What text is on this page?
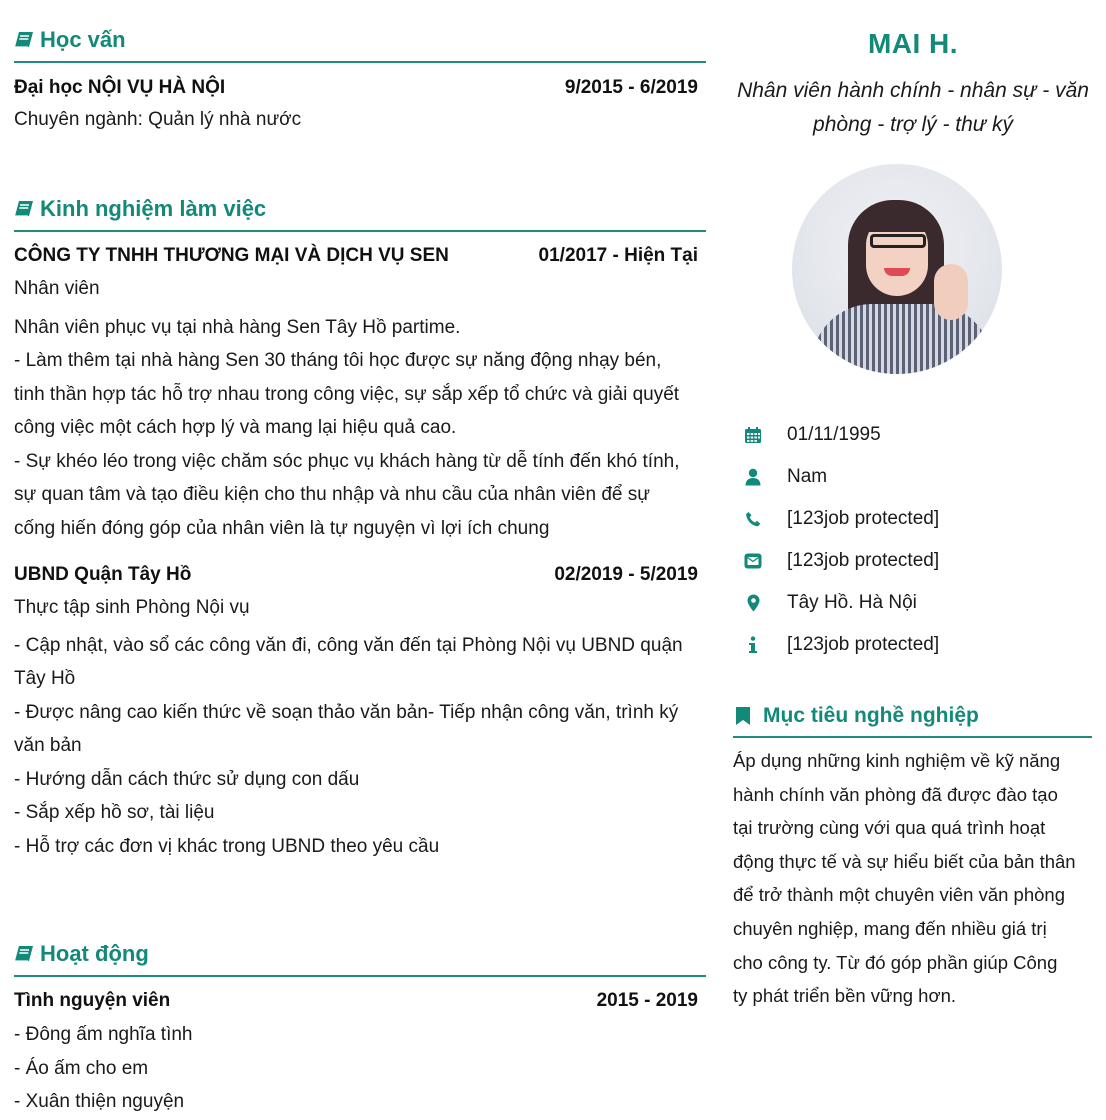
Học vấn
Đại học NỘI VỤ HÀ NỘI	9/2015 - 6/2019
Chuyên ngành: Quản lý nhà nước
Kinh nghiệm làm việc
CÔNG TY TNHH THƯƠNG MẠI VÀ DỊCH VỤ SEN	01/2017 - Hiện Tại
Nhân viên
Nhân viên phục vụ tại nhà hàng Sen Tây Hồ partime.
- Làm thêm tại nhà hàng Sen 30 tháng tôi học được sự năng động nhạy bén,
tinh thần hợp tác hỗ trợ nhau trong công việc, sự sắp xếp tổ chức và giải quyết
công việc một cách hợp lý và mang lại hiệu quả cao.
- Sự khéo léo trong việc chăm sóc phục vụ khách hàng từ dễ tính đến khó tính,
sự quan tâm và tạo điều kiện cho thu nhập và nhu cầu của nhân viên để sự
cống hiến đóng góp của nhân viên là tự nguyện vì lợi ích chung
UBND Quận Tây Hồ	02/2019 - 5/2019
Thực tập sinh Phòng Nội vụ
- Cập nhật, vào sổ các công văn đi, công văn đến tại Phòng Nội vụ UBND quận
Tây Hồ
- Được nâng cao kiến thức về soạn thảo văn bản- Tiếp nhận công văn, trình ký
văn bản
- Hướng dẫn cách thức sử dụng con dấu
- Sắp xếp hồ sơ, tài liệu
- Hỗ trợ các đơn vị khác trong UBND theo yêu cầu
Hoạt động
Tình nguyện viên	2015 - 2019
- Đông ấm nghĩa tình
- Áo ấm cho em
- Xuân thiện nguyện
MAI H.
Nhân viên hành chính - nhân sự - văn phòng - trợ lý - thư ký
01/11/1995
Nam
[123job protected]
[123job protected]
Tây Hồ. Hà Nội
[123job protected]
Mục tiêu nghề nghiệp
Áp dụng những kinh nghiệm về kỹ năng
hành chính văn phòng đã được đào tạo
tại trường cùng với qua quá trình hoạt
động thực tế và sự hiểu biết của bản thân
để trở thành một chuyên viên văn phòng
chuyên nghiệp, mang đến nhiều giá trị
cho công ty. Từ đó góp phần giúp Công
ty phát triển bền vững hơn.
